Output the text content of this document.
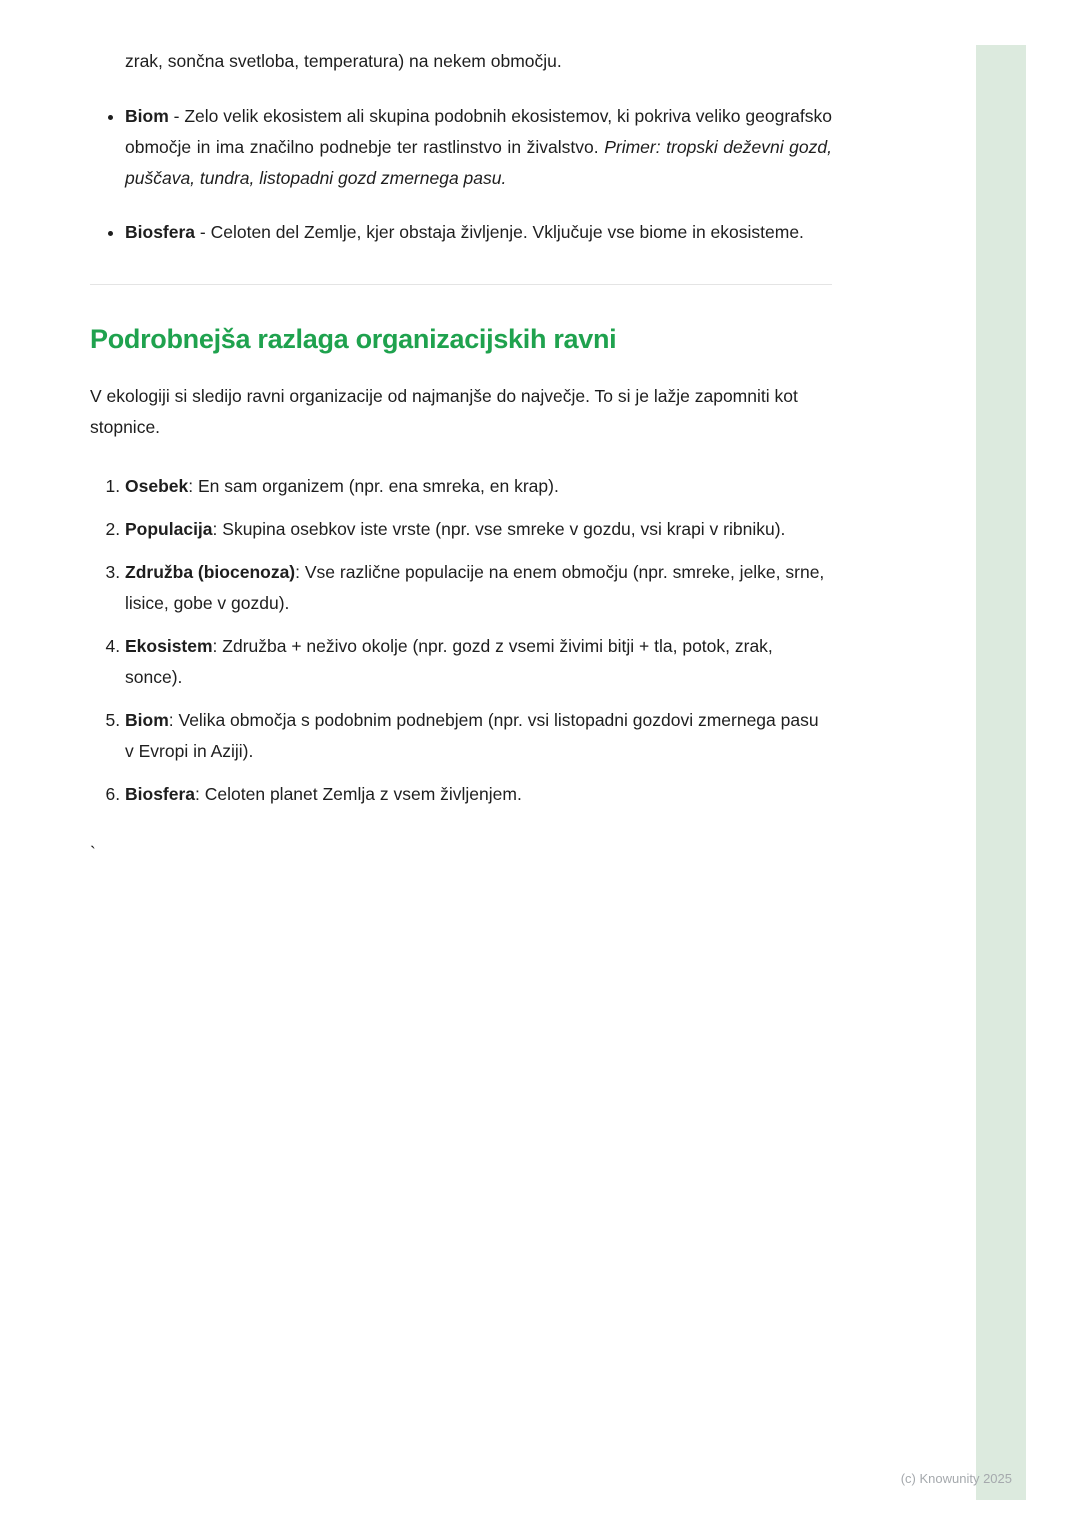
zrak, sončna svetloba, temperatura) na nekem območju.

• Biom - Zelo velik ekosistem ali skupina podobnih ekosistemov, ki pokriva veliko geografsko območje in ima značilno podnebje ter rastlinstvo in živalstvo. Primer: tropski deževni gozd, puščava, tundra, listopadni gozd zmernega pasu.
• Biosfera - Celoten del Zemlje, kjer obstaja življenje. Vključuje vse biome in ekosisteme.
Podrobnejša razlaga organizacijskih ravni

V ekologiji si sledijo ravni organizacije od najmanjše do največje. To si je lažje zapomniti kot stopnice.

1. Osebek: En sam organizem (npr. ena smreka, en krap).
2. Populacija: Skupina osebkov iste vrste (npr. vse smreke v gozdu, vsi krapi v ribniku).
3. Združba (biocenoza): Vse različne populacije na enem območju (npr. smreke, jelke, srne, lisice, gobe v gozdu).
4. Ekosistem: Združba + neživo okolje (npr. gozd z vsemi živimi bitji + tla, potok, zrak, sonce).
5. Biom: Velika območja s podobnim podnebjem (npr. vsi listopadni gozdovi zmernega pasu v Evropi in Aziji).
6. Biosfera: Celoten planet Zemlja z vsem življenjem.

`

(c) Knowunity 2025
